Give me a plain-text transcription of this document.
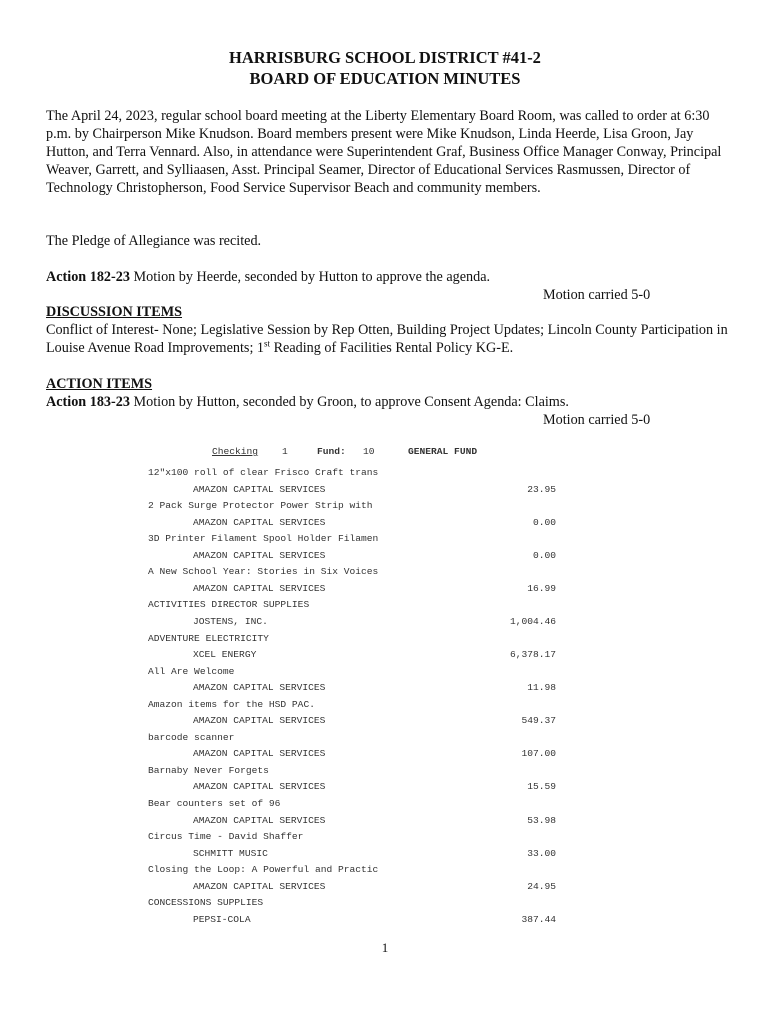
HARRISBURG SCHOOL DISTRICT #41-2
BOARD OF EDUCATION MINUTES
The April 24, 2023, regular school board meeting at the Liberty Elementary Board Room, was called to order at 6:30 p.m. by Chairperson Mike Knudson. Board members present were Mike Knudson, Linda Heerde, Lisa Groon, Jay Hutton, and Terra Vennard. Also, in attendance were Superintendent Graf, Business Office Manager Conway, Principal Weaver, Garrett, and Sylliaasen, Asst. Principal Seamer, Director of Educational Services Rasmussen, Director of Technology Christopherson, Food Service Supervisor Beach and community members.
The Pledge of Allegiance was recited.
Action 182-23 Motion by Heerde, seconded by Hutton to approve the agenda.
Motion carried 5-0
DISCUSSION ITEMS
Conflict of Interest- None; Legislative Session by Rep Otten, Building Project Updates; Lincoln County Participation in Louise Avenue Road Improvements; 1st Reading of Facilities Rental Policy KG-E.
ACTION ITEMS
Action 183-23 Motion by Hutton, seconded by Groon, to approve Consent Agenda: Claims.
Motion carried 5-0

Checking

1

	Fund:

10

	GENERAL FUND

12"x100 roll of clear Frisco Craft trans
AMAZON CAPITAL SERVICES	23.95
2 Pack Surge Protector Power Strip with
AMAZON CAPITAL SERVICES	0.00
3D Printer Filament Spool Holder Filamen
AMAZON CAPITAL SERVICES	0.00
A New School Year: Stories in Six Voices
AMAZON CAPITAL SERVICES	16.99
ACTIVITIES DIRECTOR SUPPLIES
JOSTENS, INC.	1,004.46
ADVENTURE ELECTRICITY
XCEL ENERGY	6,378.17
All Are Welcome
AMAZON CAPITAL SERVICES	11.98
Amazon items for the HSD PAC.
AMAZON CAPITAL SERVICES	549.37
barcode scanner
AMAZON CAPITAL SERVICES	107.00
Barnaby Never Forgets
AMAZON CAPITAL SERVICES	15.59
Bear counters set of 96
AMAZON CAPITAL SERVICES	53.98
Circus Time - David Shaffer
SCHMITT MUSIC	33.00
Closing the Loop: A Powerful and Practic
AMAZON CAPITAL SERVICES	24.95
CONCESSIONS SUPPLIES
PEPSI-COLA	387.44
1
